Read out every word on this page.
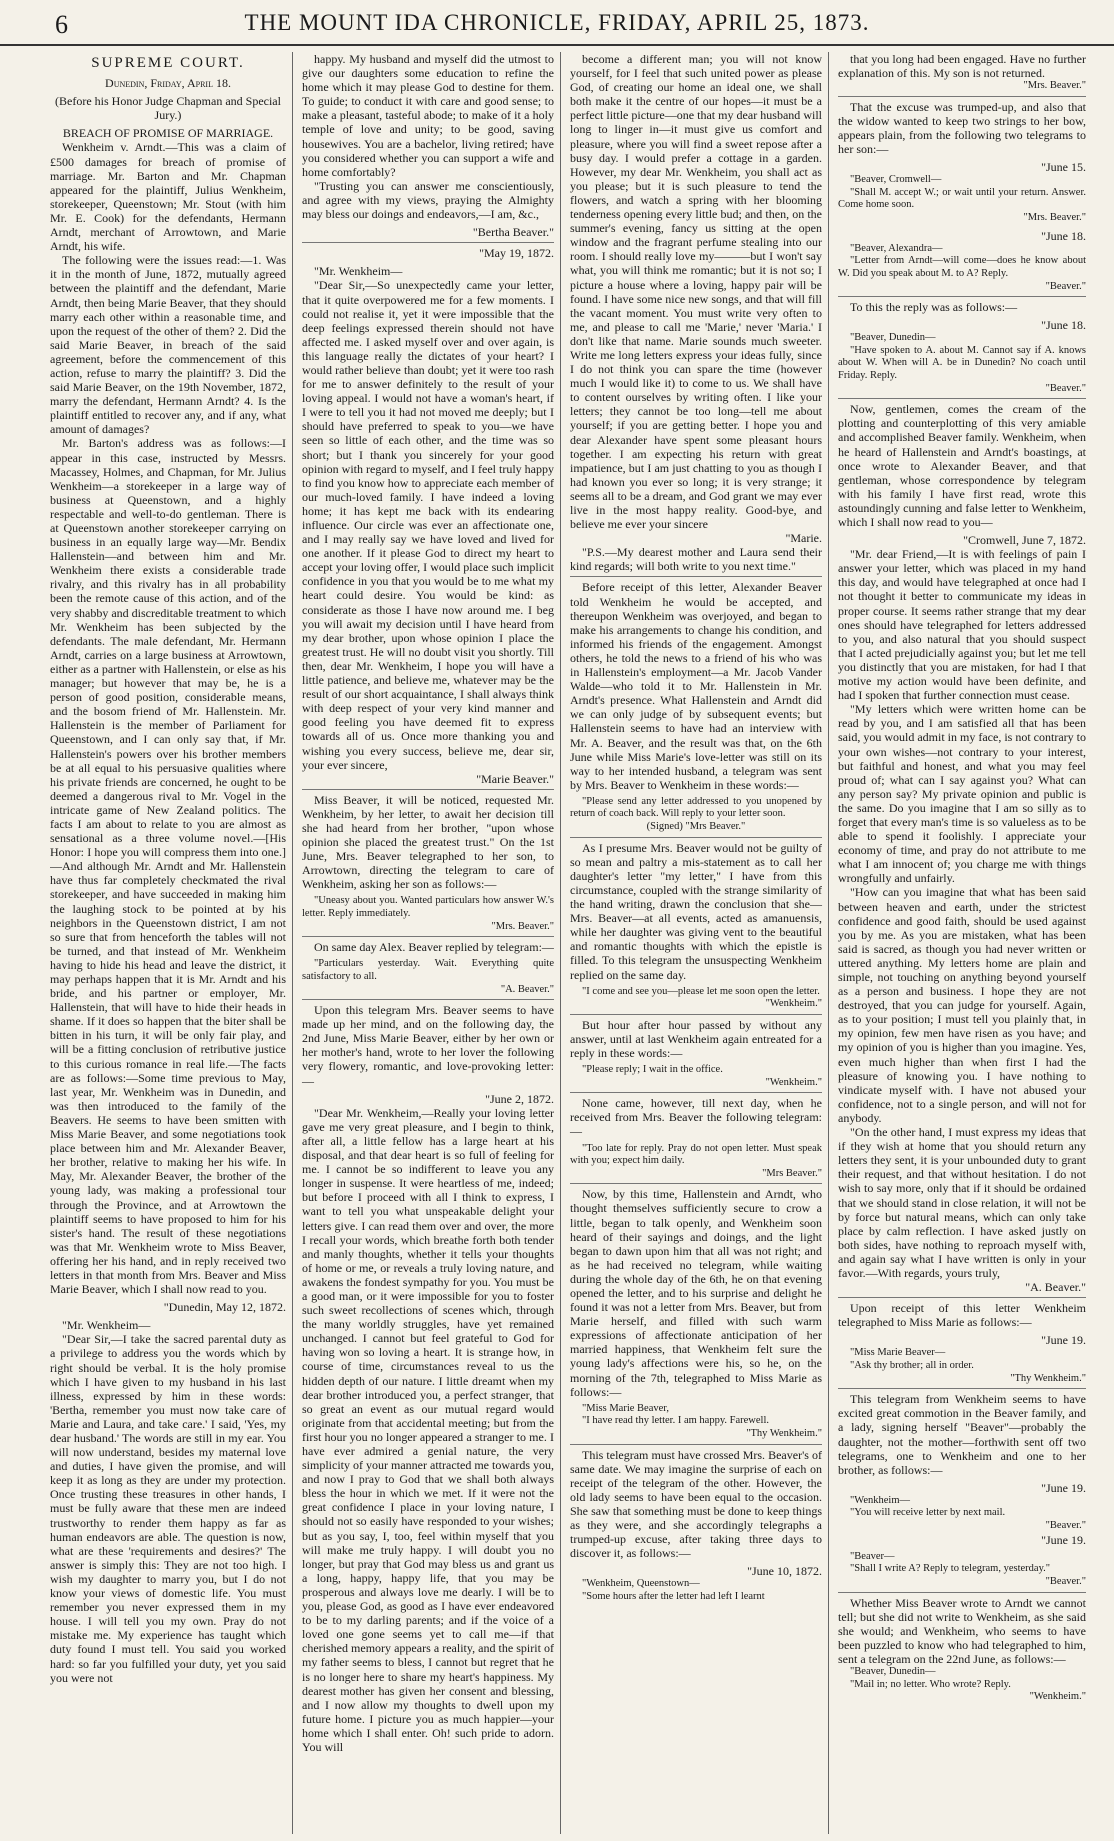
6	THE MOUNT IDA CHRONICLE, FRIDAY, APRIL 25, 1873.
SUPREME COURT.

Dunedin, Friday, April 18.

(Before his Honor Judge Chapman and Special Jury.)

BREACH OF PROMISE OF MARRIAGE.

Wenkheim v. Arndt.—This was a claim of £500 damages for breach of promise of marriage. Mr. Barton and Mr. Chapman appeared for the plaintiff, Julius Wenkheim, storekeeper, Queenstown; Mr. Stout (with him Mr. E. Cook) for the defendants, Hermann Arndt, merchant of Arrowtown, and Marie Arndt, his wife.

The following were the issues read:—1. Was it in the month of June, 1872, mutually agreed between the plaintiff and the defendant, Marie Arndt, then being Marie Beaver, that they should marry each other within a reasonable time, and upon the request of the other of them? 2. Did the said Marie Beaver, in breach of the said agreement, before the commencement of this action, refuse to marry the plaintiff? 3. Did the said Marie Beaver, on the 19th November, 1872, marry the defendant, Hermann Arndt? 4. Is the plaintiff entitled to recover any, and if any, what amount of damages?

Mr. Barton's address was as follows:—I appear in this case, instructed by Messrs. Macassey, Holmes, and Chapman, for Mr. Julius Wenkheim—a storekeeper in a large way of business at Queenstown, and a highly respectable and well-to-do gentleman. There is at Queenstown another storekeeper carrying on business in an equally large way—Mr. Bendix Hallenstein—and between him and Mr. Wenkheim there exists a considerable trade rivalry, and this rivalry has in all probability been the remote cause of this action, and of the very shabby and discreditable treatment to which Mr. Wenkheim has been subjected by the defendants. The male defendant, Mr. Hermann Arndt, carries on a large business at Arrowtown, either as a partner with Hallenstein, or else as his manager; but however that may be, he is a person of good position, considerable means, and the bosom friend of Mr. Hallenstein. Mr. Hallenstein is the member of Parliament for Queenstown, and I can only say that, if Mr. Hallenstein's powers over his brother members be at all equal to his persuasive qualities where his private friends are concerned, he ought to be deemed a dangerous rival to Mr. Vogel in the intricate game of New Zealand politics. The facts I am about to relate to you are almost as sensational as a three volume novel.—[His Honor: I hope you will compress them into one.]—And although Mr. Arndt and Mr. Hallenstein have thus far completely checkmated the rival storekeeper, and have succeeded in making him the laughing stock to be pointed at by his neighbors in the Queenstown district, I am not so sure that from henceforth the tables will not be turned, and that instead of Mr. Wenkheim having to hide his head and leave the district, it may perhaps happen that it is Mr. Arndt and his bride, and his partner or employer, Mr. Hallenstein, that will have to hide their heads in shame. If it does so happen that the biter shall be bitten in his turn, it will be only fair play, and will be a fitting conclusion of retributive justice to this curious romance in real life.—The facts are as follows:—Some time previous to May, last year, Mr. Wenkheim was in Dunedin, and was then introduced to the family of the Beavers. He seems to have been smitten with Miss Marie Beaver, and some negotiations took place between him and Mr. Alexander Beaver, her brother, relative to making her his wife. In May, Mr. Alexander Beaver, the brother of the young lady, was making a professional tour through the Province, and at Arrowtown the plaintiff seems to have proposed to him for his sister's hand. The result of these negotiations was that Mr. Wenkheim wrote to Miss Beaver, offering her his hand, and in reply received two letters in that month from Mrs. Beaver and Miss Marie Beaver, which I shall now read to you.

"Dunedin, May 12, 1872.

"Mr. Wenkheim—

"Dear Sir,—I take the sacred parental duty as a privilege to address you the words which by right should be verbal. It is the holy promise which I have given to my husband in his last illness, expressed by him in these words: 'Bertha, remember you must now take care of Marie and Laura, and take care.' I said, 'Yes, my dear husband.' The words are still in my ear. You will now understand, besides my maternal love and duties, I have given the promise, and will keep it as long as they are under my protection. Once trusting these treasures in other hands, I must be fully aware that these men are indeed trustworthy to render them happy as far as human endeavors are able. The question is now, what are these 'requirements and desires?' The answer is simply this: They are not too high. I wish my daughter to marry you, but I do not know your views of domestic life. You must remember you never expressed them in my house. I will tell you my own. Pray do not mistake me. My experience has taught which duty found I must tell. You said you worked hard: so far you fulfilled your duty, yet you said you were not

happy. My husband and myself did the utmost to give our daughters some education to refine the home which it may please God to destine for them. To guide; to conduct it with care and good sense; to make a pleasant, tasteful abode; to make of it a holy temple of love and unity; to be good, saving housewives. You are a bachelor, living retired; have you considered whether you can support a wife and home comfortably?

"Trusting you can answer me conscientiously, and agree with my views, praying the Almighty may bless our doings and endeavors,—I am, &c.,

"Bertha Beaver."

"May 19, 1872.

"Mr. Wenkheim—

"Dear Sir,—So unexpectedly came your letter, that it quite overpowered me for a few moments. I could not realise it, yet it were impossible that the deep feelings expressed therein should not have affected me. I asked myself over and over again, is this language really the dictates of your heart? I would rather believe than doubt; yet it were too rash for me to answer definitely to the result of your loving appeal. I would not have a woman's heart, if I were to tell you it had not moved me deeply; but I should have preferred to speak to you—we have seen so little of each other, and the time was so short; but I thank you sincerely for your good opinion with regard to myself, and I feel truly happy to find you know how to appreciate each member of our much-loved family. I have indeed a loving home; it has kept me back with its endearing influence. Our circle was ever an affectionate one, and I may really say we have loved and lived for one another. If it please God to direct my heart to accept your loving offer, I would place such implicit confidence in you that you would be to me what my heart could desire. You would be kind: as considerate as those I have now around me. I beg you will await my decision until I have heard from my dear brother, upon whose opinion I place the greatest trust. He will no doubt visit you shortly. Till then, dear Mr. Wenkheim, I hope you will have a little patience, and believe me, whatever may be the result of our short acquaintance, I shall always think with deep respect of your very kind manner and good feeling you have deemed fit to express towards all of us. Once more thanking you and wishing you every success, believe me, dear sir, your ever sincere,

"Marie Beaver."

Miss Beaver, it will be noticed, requested Mr. Wenkheim, by her letter, to await her decision till she had heard from her brother, "upon whose opinion she placed the greatest trust." On the 1st June, Mrs. Beaver telegraphed to her son, to Arrowtown, directing the telegram to care of Wenkheim, asking her son as follows:—

"Uneasy about you. Wanted particulars how answer W.'s letter. Reply immediately.

"Mrs. Beaver."

On same day Alex. Beaver replied by telegram:—

"Particulars yesterday. Wait. Everything quite satisfactory to all.

"A. Beaver."

Upon this telegram Mrs. Beaver seems to have made up her mind, and on the following day, the 2nd June, Miss Marie Beaver, either by her own or her mother's hand, wrote to her lover the following very flowery, romantic, and love-provoking letter:—

"June 2, 1872.

"Dear Mr. Wenkheim,—Really your loving letter gave me very great pleasure, and I begin to think, after all, a little fellow has a large heart at his disposal, and that dear heart is so full of feeling for me. I cannot be so indifferent to leave you any longer in suspense. It were heartless of me, indeed; but before I proceed with all I think to express, I want to tell you what unspeakable delight your letters give. I can read them over and over, the more I recall your words, which breathe forth both tender and manly thoughts, whether it tells your thoughts of home or me, or reveals a truly loving nature, and awakens the fondest sympathy for you. You must be a good man, or it were impossible for you to foster such sweet recollections of scenes which, through the many worldly struggles, have yet remained unchanged. I cannot but feel grateful to God for having won so loving a heart. It is strange how, in course of time, circumstances reveal to us the hidden depth of our nature. I little dreamt when my dear brother introduced you, a perfect stranger, that so great an event as our mutual regard would originate from that accidental meeting; but from the first hour you no longer appeared a stranger to me. I have ever admired a genial nature, the very simplicity of your manner attracted me towards you, and now I pray to God that we shall both always bless the hour in which we met. If it were not the great confidence I place in your loving nature, I should not so easily have responded to your wishes; but as you say, I, too, feel within myself that you will make me truly happy. I will doubt you no longer, but pray that God may bless us and grant us a long, happy, happy life, that you may be prosperous and always love me dearly. I will be to you, please God, as good as I have ever endeavored to be to my darling parents; and if the voice of a loved one gone seems yet to call me—if that cherished memory appears a reality, and the spirit of my father seems to bless, I cannot but regret that he is no longer here to share my heart's happiness. My dearest mother has given her consent and blessing, and I now allow my thoughts to dwell upon my future home. I picture you as much happier—your home which I shall enter. Oh! such pride to adorn. You will

become a different man; you will not know yourself, for I feel that such united power as please God, of creating our home an ideal one, we shall both make it the centre of our hopes—it must be a perfect little picture—one that my dear husband will long to linger in—it must give us comfort and pleasure, where you will find a sweet repose after a busy day. I would prefer a cottage in a garden. However, my dear Mr. Wenkheim, you shall act as you please; but it is such pleasure to tend the flowers, and watch a spring with her blooming tenderness opening every little bud; and then, on the summer's evening, fancy us sitting at the open window and the fragrant perfume stealing into our room. I should really love my———but I won't say what, you will think me romantic; but it is not so; I picture a house where a loving, happy pair will be found. I have some nice new songs, and that will fill the vacant moment. You must write very often to me, and please to call me 'Marie,' never 'Maria.' I don't like that name. Marie sounds much sweeter. Write me long letters express your ideas fully, since I do not think you can spare the time (however much I would like it) to come to us. We shall have to content ourselves by writing often. I like your letters; they cannot be too long—tell me about yourself; if you are getting better. I hope you and dear Alexander have spent some pleasant hours together. I am expecting his return with great impatience, but I am just chatting to you as though I had known you ever so long; it is very strange; it seems all to be a dream, and God grant we may ever live in the most happy reality. Good-bye, and believe me ever your sincere

"Marie.

"P.S.—My dearest mother and Laura send their kind regards; will both write to you next time."

Before receipt of this letter, Alexander Beaver told Wenkheim he would be accepted, and thereupon Wenkheim was overjoyed, and began to make his arrangements to change his condition, and informed his friends of the engagement. Amongst others, he told the news to a friend of his who was in Hallenstein's employment—a Mr. Jacob Vander Walde—who told it to Mr. Hallenstein in Mr. Arndt's presence. What Hallenstein and Arndt did we can only judge of by subsequent events; but Hallenstein seems to have had an interview with Mr. A. Beaver, and the result was that, on the 6th June while Miss Marie's love-letter was still on its way to her intended husband, a telegram was sent by Mrs. Beaver to Wenkheim in these words:—

"Please send any letter addressed to you unopened by return of coach back. Will reply to your letter soon.

(Signed) "Mrs Beaver."

As I presume Mrs. Beaver would not be guilty of so mean and paltry a mis-statement as to call her daughter's letter "my letter," I have from this circumstance, coupled with the strange similarity of the hand writing, drawn the conclusion that she—Mrs. Beaver—at all events, acted as amanuensis, while her daughter was giving vent to the beautiful and romantic thoughts with which the epistle is filled. To this telegram the unsuspecting Wenkheim replied on the same day.

"I come and see you—please let me soon open the letter.

"Wenkheim."

But hour after hour passed by without any answer, until at last Wenkheim again entreated for a reply in these words:—

"Please reply; I wait in the office.

"Wenkheim."

None came, however, till next day, when he received from Mrs. Beaver the following telegram:—

"Too late for reply. Pray do not open letter. Must speak with you; expect him daily.

"Mrs Beaver."

Now, by this time, Hallenstein and Arndt, who thought themselves sufficiently secure to crow a little, began to talk openly, and Wenkheim soon heard of their sayings and doings, and the light began to dawn upon him that all was not right; and as he had received no telegram, while waiting during the whole day of the 6th, he on that evening opened the letter, and to his surprise and delight he found it was not a letter from Mrs. Beaver, but from Marie herself, and filled with such warm expressions of affectionate anticipation of her married happiness, that Wenkheim felt sure the young lady's affections were his, so he, on the morning of the 7th, telegraphed to Miss Marie as follows:—

"Miss Marie Beaver,

"I have read thy letter. I am happy. Farewell.

"Thy Wenkheim."

This telegram must have crossed Mrs. Beaver's of same date. We may imagine the surprise of each on receipt of the telegram of the other. However, the old lady seems to have been equal to the occasion. She saw that something must be done to keep things as they were, and she accordingly telegraphs a trumped-up excuse, after taking three days to discover it, as follows:—

"June 10, 1872.

"Wenkheim, Queenstown—

"Some hours after the letter had left I learnt

that you long had been engaged. Have no further explanation of this. My son is not returned.

"Mrs. Beaver."

That the excuse was trumped-up, and also that the widow wanted to keep two strings to her bow, appears plain, from the following two telegrams to her son:—

"June 15.

"Beaver, Cromwell—

"Shall M. accept W.; or wait until your return. Answer. Come home soon.

"Mrs. Beaver."

"June 18.

"Beaver, Alexandra—

"Letter from Arndt—will come—does he know about W. Did you speak about M. to A? Reply.

"Beaver."

To this the reply was as follows:—

"June 18.

"Beaver, Dunedin—

"Have spoken to A. about M. Cannot say if A. knows about W. When will A. be in Dunedin? No coach until Friday. Reply.

"Beaver."

Now, gentlemen, comes the cream of the plotting and counterplotting of this very amiable and accomplished Beaver family. Wenkheim, when he heard of Hallenstein and Arndt's boastings, at once wrote to Alexander Beaver, and that gentleman, whose correspondence by telegram with his family I have first read, wrote this astoundingly cunning and false letter to Wenkheim, which I shall now read to you—

"Cromwell, June 7, 1872.

"Mr. dear Friend,—It is with feelings of pain I answer your letter, which was placed in my hand this day, and would have telegraphed at once had I not thought it better to communicate my ideas in proper course. It seems rather strange that my dear ones should have telegraphed for letters addressed to you, and also natural that you should suspect that I acted prejudicially against you; but let me tell you distinctly that you are mistaken, for had I that motive my action would have been definite, and had I spoken that further connection must cease.

"My letters which were written home can be read by you, and I am satisfied all that has been said, you would admit in my face, is not contrary to your own wishes—not contrary to your interest, but faithful and honest, and what you may feel proud of; what can I say against you? What can any person say? My private opinion and public is the same. Do you imagine that I am so silly as to forget that every man's time is so valueless as to be able to spend it foolishly. I appreciate your economy of time, and pray do not attribute to me what I am innocent of; you charge me with things wrongfully and unfairly.

"How can you imagine that what has been said between heaven and earth, under the strictest confidence and good faith, should be used against you by me. As you are mistaken, what has been said is sacred, as though you had never written or uttered anything. My letters home are plain and simple, not touching on anything beyond yourself as a person and business. I hope they are not destroyed, that you can judge for yourself. Again, as to your position; I must tell you plainly that, in my opinion, few men have risen as you have; and my opinion of you is higher than you imagine. Yes, even much higher than when first I had the pleasure of knowing you. I have nothing to vindicate myself with. I have not abused your confidence, not to a single person, and will not for anybody.

"On the other hand, I must express my ideas that if they wish at home that you should return any letters they sent, it is your unbounded duty to grant their request, and that without hesitation. I do not wish to say more, only that if it should be ordained that we should stand in close relation, it will not be by force but natural means, which can only take place by calm reflection. I have asked justly on both sides, have nothing to reproach myself with, and again say what I have written is only in your favor.—With regards, yours truly,

"A. Beaver."

Upon receipt of this letter Wenkheim telegraphed to Miss Marie as follows:—

"June 19.

"Miss Marie Beaver—

"Ask thy brother; all in order.

"Thy Wenkheim."

This telegram from Wenkheim seems to have excited great commotion in the Beaver family, and a lady, signing herself "Beaver"—probably the daughter, not the mother—forthwith sent off two telegrams, one to Wenkheim and one to her brother, as follows:—

"June 19.

"Wenkheim—

"You will receive letter by next mail.

"Beaver."

"June 19.

"Beaver—

"Shall I write A? Reply to telegram, yesterday."

"Beaver."

Whether Miss Beaver wrote to Arndt we cannot tell; but she did not write to Wenkheim, as she said she would; and Wenkheim, who seems to have been puzzled to know who had telegraphed to him, sent a telegram on the 22nd June, as follows:—

"Beaver, Dunedin—

"Mail in; no letter. Who wrote? Reply.

"Wenkheim."
